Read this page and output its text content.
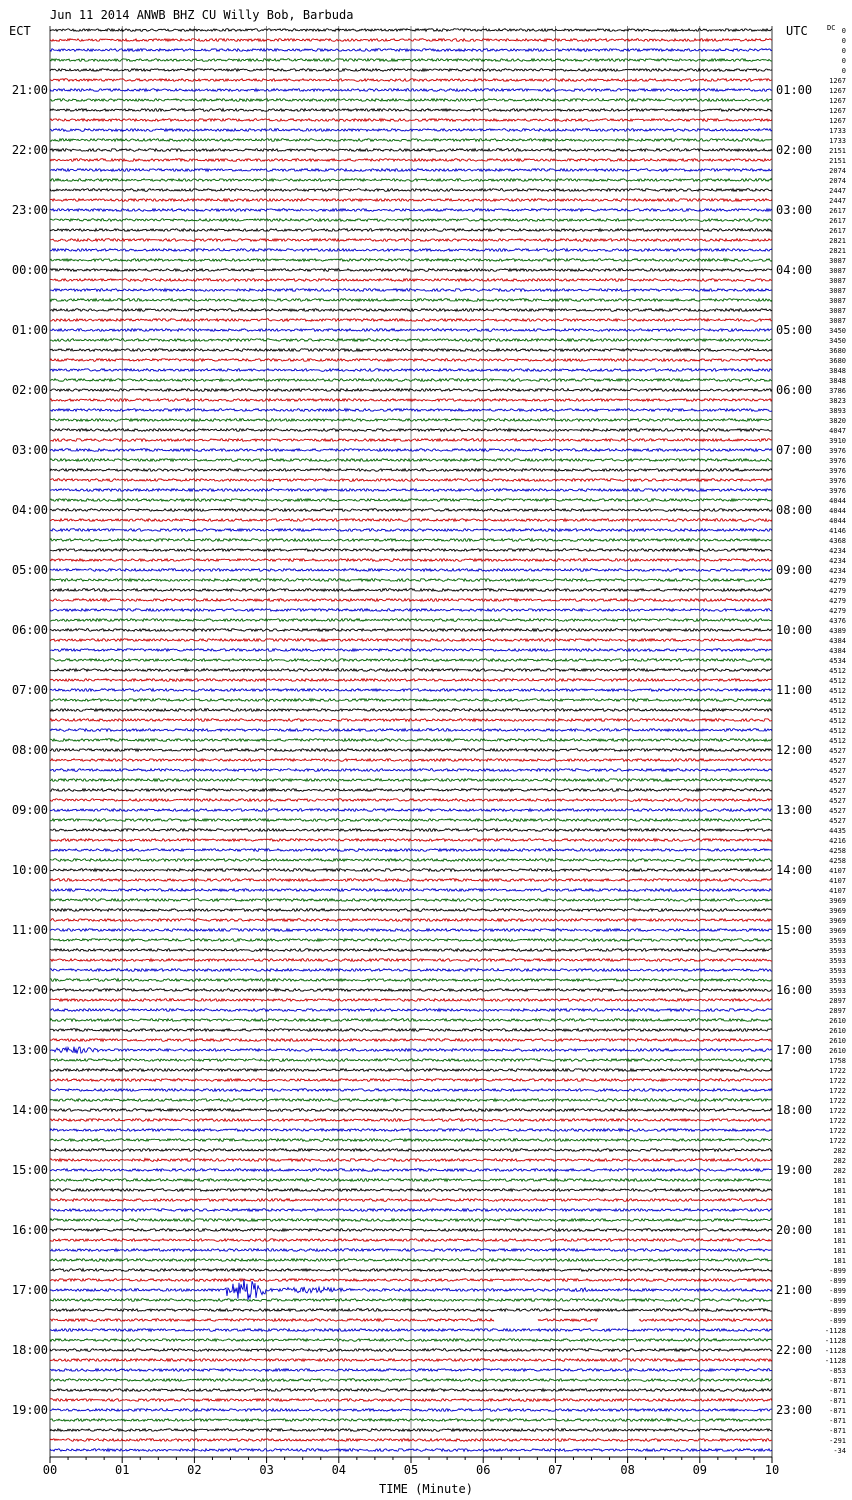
Jun 11 2014 ANWB BHZ CU Willy Bob, Barbuda
ECT	UTC	DC
00	01	02	03	04	05	06	07	08	09	10
0
0
0
0
0
1267
1267
1267
1267
1267
1733
1733
2151
2151
2074
2074
2447
2447
2617
2617
2617
2821
2821
3087
3087
3087
3087
3087
3087
3087
3450
3450
3680
3680
3848
3848
3786
3823
3893
3820
4047
3910
3976
3976
3976
3976
3976
4044
4044
4044
4146
4368
4234
4234
4234
4279
4279
4279
4279
4376
4389
4384
4384
4534
4512
4512
4512
4512
4512
4512
4512
4512
4527
4527
4527
4527
4527
4527
4527
4527
4435
4216
4258
4258
4107
4107
4107
3969
3969
3969
3969
3593
3593
3593
3593
3593
3593
2897
2897
2610
2610
2610
2610
1758
1722
1722
1722
1722
1722
1722
1722
1722
282
282
282
181
181
181
181
181
181
181
181
181
-899
-899
-899
-899
-899
-899
-1128
-1128
-1128
-1128
-853
-871
-871
-871
-871
-871
-871
-291
-34
21:00
22:00
23:00
00:00
01:00
02:00
03:00
04:00
05:00
06:00
07:00
08:00
09:00
10:00
11:00
12:00
13:00
14:00
15:00
16:00
17:00
18:00
19:00
01:00
02:00
03:00
04:00
05:00
06:00
07:00
08:00
09:00
10:00
11:00
12:00
13:00
14:00
15:00
16:00
17:00
18:00
19:00
20:00
21:00
22:00
23:00
TIME (Minute)
